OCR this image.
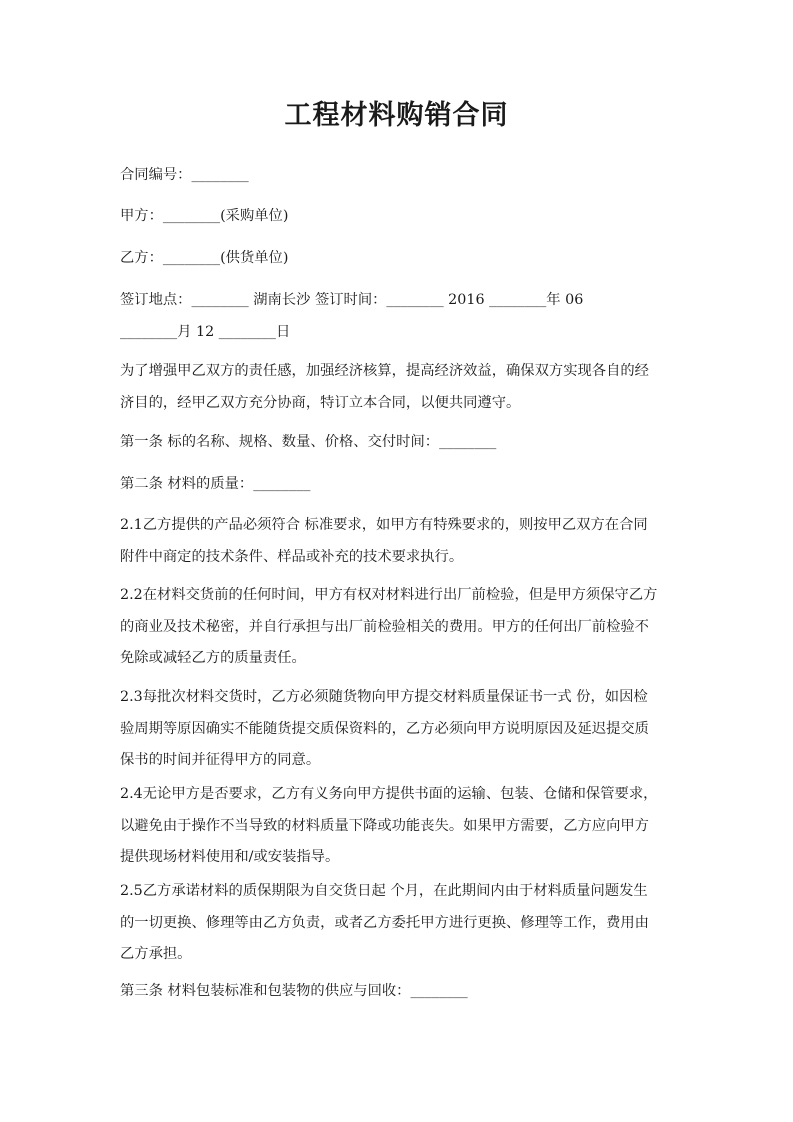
工程材料购销合同

合同编号：________

甲方：________(采购单位)

乙方：________(供货单位)

签订地点：________ 湖南长沙 签订时间：________ 2016 ________年 06
________月 12 ________日

为了增强甲乙双方的责任感，加强经济核算，提高经济效益，确保双方实现各自的经
济目的，经甲乙双方充分协商，特订立本合同，以便共同遵守。

第一条 标的名称、规格、数量、价格、交付时间：________

第二条 材料的质量：________

2.1乙方提供的产品必须符合 标准要求，如甲方有特殊要求的，则按甲乙双方在合同
附件中商定的技术条件、样品或补充的技术要求执行。

2.2在材料交货前的任何时间，甲方有权对材料进行出厂前检验，但是甲方须保守乙方
的商业及技术秘密，并自行承担与出厂前检验相关的费用。甲方的任何出厂前检验不
免除或减轻乙方的质量责任。

2.3每批次材料交货时，乙方必须随货物向甲方提交材料质量保证书一式 份，如因检
验周期等原因确实不能随货提交质保资料的，乙方必须向甲方说明原因及延迟提交质
保书的时间并征得甲方的同意。

2.4无论甲方是否要求，乙方有义务向甲方提供书面的运输、包装、仓储和保管要求，
以避免由于操作不当导致的材料质量下降或功能丧失。如果甲方需要，乙方应向甲方
提供现场材料使用和/或安装指导。

2.5乙方承诺材料的质保期限为自交货日起 个月，在此期间内由于材料质量问题发生
的一切更换、修理等由乙方负责，或者乙方委托甲方进行更换、修理等工作，费用由
乙方承担。

第三条 材料包装标准和包装物的供应与回收：________
